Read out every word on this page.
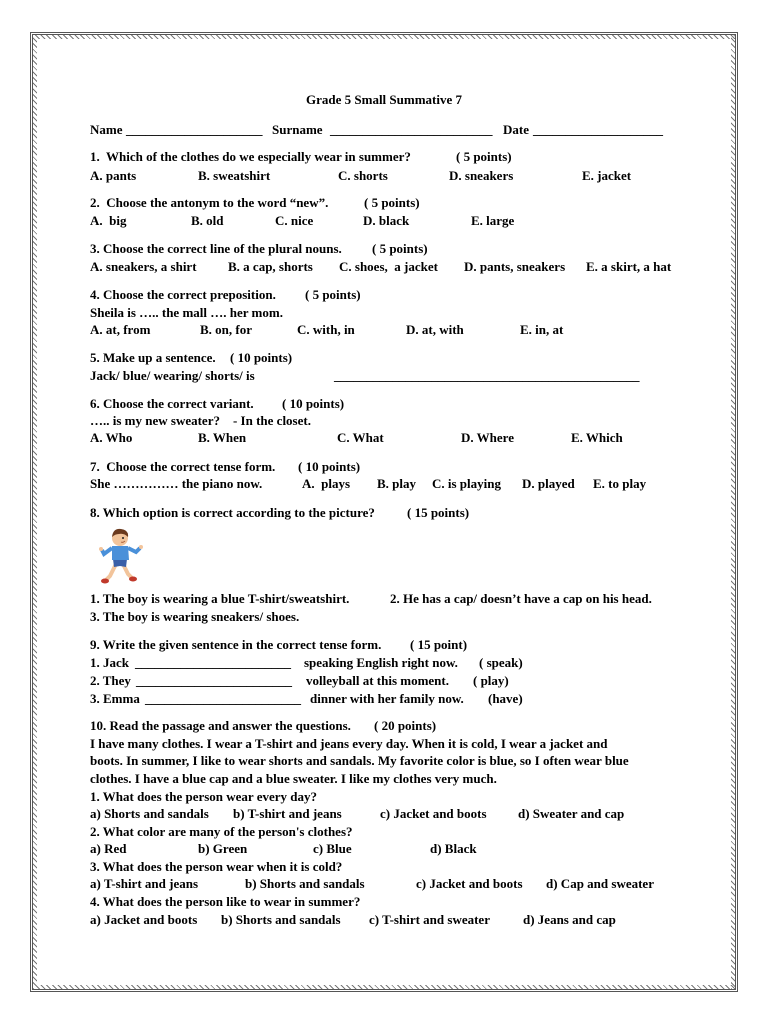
Grade 5 Small Summative 7
Name _____________________ Surname _________________________ Date ____________________
1.  Which of the clothes do we especially wear in summer?	( 5 points)
A. pants	B. sweatshirt	C. shorts	D. sneakers	E. jacket
2.  Choose the antonym to the word “new”.	( 5 points)
A.  big	B. old	C. nice	D. black	E. large
3. Choose the correct line of the plural nouns. ( 5 points)
A. sneakers, a shirt B. a cap, shorts C. shoes,  a jacket D. pants, sneakers E. a skirt, a hat
4. Choose the correct preposition. ( 5 points)
Sheila is ….. the mall …. her mom.
A. at, from	B. on, for	C. with, in	D. at, with	E. in, at
5. Make up a sentence. ( 10 points)
Jack/ blue/ wearing/ shorts/ is	_______________________________________________
6. Choose the correct variant. ( 10 points)
….. is my new sweater?    - In the closet.
A. Who	B. When	C. What	D. Where	E. Which
7.  Choose the correct tense form. ( 10 points)
She …………… the piano now.	A.  plays B. play C. is playing D. played E. to play
8. Which option is correct according to the picture? ( 15 points)
1. The boy is wearing a blue T-shirt/sweatshirt.	2. He has a cap/ doesn’t have a cap on his head.
3. The boy is wearing sneakers/ shoes.
9. Write the given sentence in the correct tense form. ( 15 point)
1. Jack ________________________ speaking English right now. ( speak)
2. They ________________________ volleyball at this moment. ( play)
3. Emma ________________________ dinner with her family now. (have)
10. Read the passage and answer the questions. ( 20 points)
I have many clothes. I wear a T-shirt and jeans every day. When it is cold, I wear a jacket and
boots. In summer, I like to wear shorts and sandals. My favorite color is blue, so I often wear blue
clothes. I have a blue cap and a blue sweater. I like my clothes very much.
1. What does the person wear every day?
a) Shorts and sandals b) T-shirt and jeans	c) Jacket and boots d) Sweater and cap
2. What color are many of the person's clothes?
a) Red	b) Green	c) Blue	d) Black
3. What does the person wear when it is cold?
a) T-shirt and jeans	b) Shorts and sandals	c) Jacket and boots d) Cap and sweater
4. What does the person like to wear in summer?
a) Jacket and boots b) Shorts and sandals c) T-shirt and sweater	d) Jeans and cap
